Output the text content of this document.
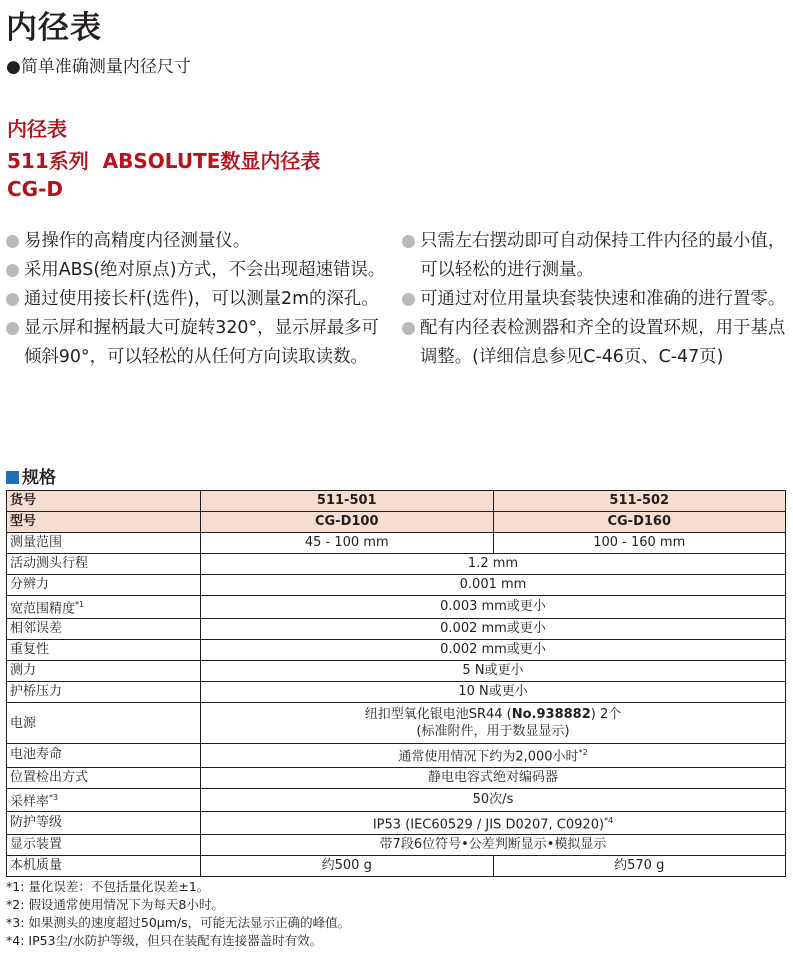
内径表
●简单准确测量内径尺寸
内径表
511系列  ABSOLUTE数显内径表
CG-D
易操作的高精度内径测量仪。
采用ABS(绝对原点)方式，不会出现超速错误。
通过使用接长杆(选件)，可以测量2m的深孔。
显示屏和握柄最大可旋转320°，显示屏最多可倾斜90°，可以轻松的从任何方向读取读数。
只需左右摆动即可自动保持工件内径的最小值，可以轻松的进行测量。
可通过对位用量块套装快速和准确的进行置零。
配有内径表检测器和齐全的设置环规，用于基点调整。(详细信息参见C-46页、C-47页)
规格
货号	511-501	511-502
型号	CG-D100	CG-D160
测量范围	45 - 100 mm	100 - 160 mm
活动测头行程	1.2 mm	
分辨力	0.001 mm	
宽范围精度$^{*1}$	0.003 mm或更小	
相邻误差	0.002 mm或更小	
重复性	0.002 mm或更小	
测力	5 N或更小	
护桥压力	10 N或更小	
电源	纽扣型氧化银电池SR44 (No.938882) 2个
(标准附件，用于数显显示)	

电池寿命	通常使用情况下约为2,000小时$^{*2}$
位置检出方式	静电电容式绝对编码器	
采样率$^{*3}$	50次/s	
防护等级	IP53 (IEC60529 / JIS D0207, C0920)$^{*4}$
显示装置	带7段6位符号•公差判断显示•模拟显示	
本机质量	约500 g	约570 g
*1: 量化误差：不包括量化误差±1。
*2: 假设通常使用情况下为每天8小时。
*3: 如果测头的速度超过50μm/s，可能无法显示正确的峰值。
*4: IP53尘/水防护等级，但只在装配有连接器盖时有效。
